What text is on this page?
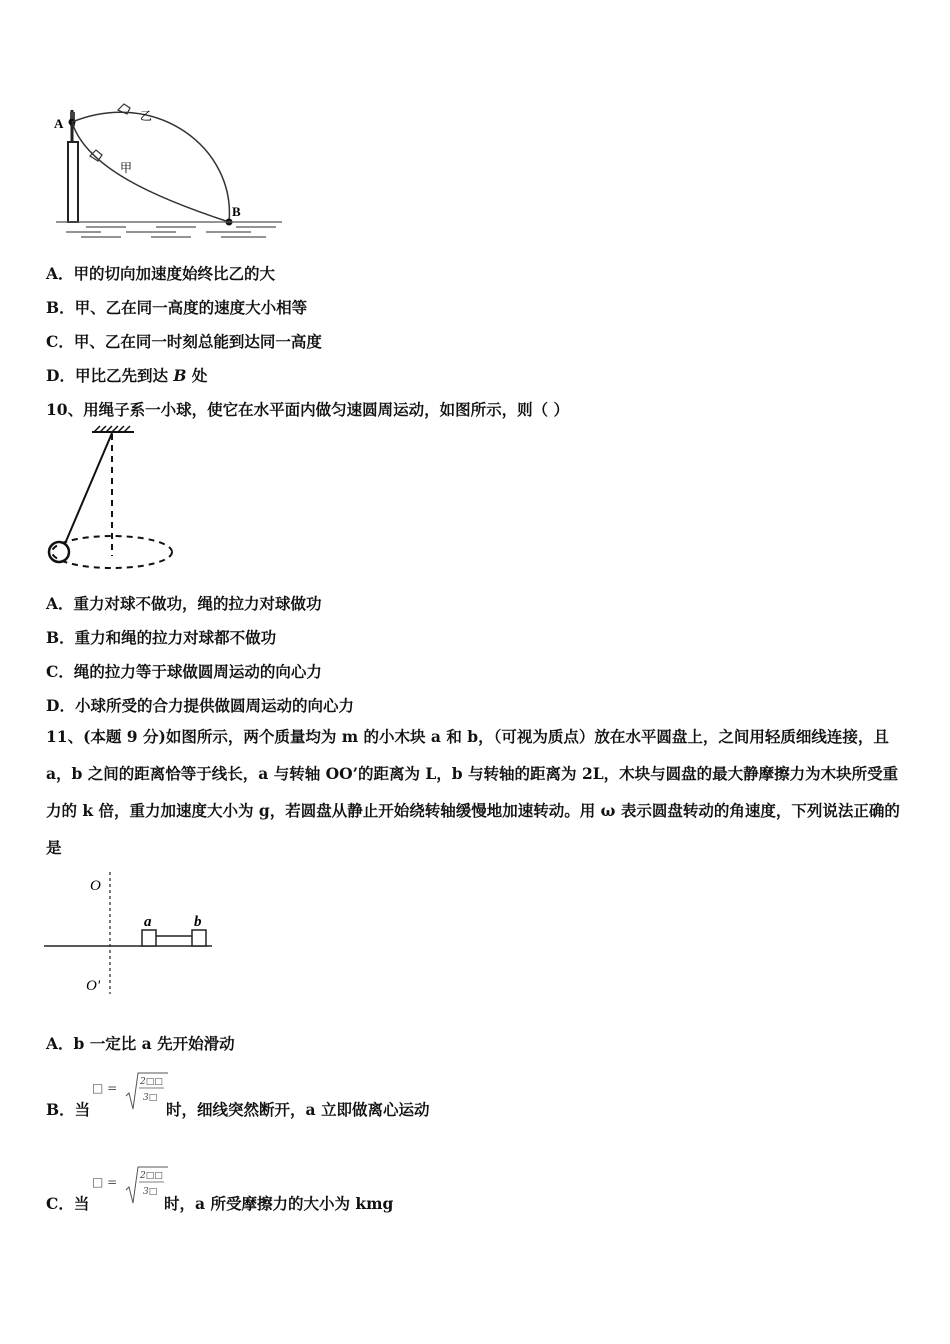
A
B
乙
甲
A．甲的切向加速度始终比乙的大
B．甲、乙在同一高度的速度大小相等
C．甲、乙在同一时刻总能到达同一高度
D．甲比乙先到达 B 处
10、用绳子系一小球，使它在水平面内做匀速圆周运动，如图所示，则（ ）
A．重力对球不做功，绳的拉力对球做功
B．重力和绳的拉力对球都不做功
C．绳的拉力等于球做圆周运动的向心力
D．小球所受的合力提供做圆周运动的向心力
11、(本题 9 分)如图所示，两个质量均为 m 的小木块 a 和 b，（可视为质点）放在水平圆盘上，之间用轻质细线连接，且 a，b 之间的距离恰等于线长，a 与转轴 OO’的距离为 L，b 与转轴的距离为 2L，木块与圆盘的最大静摩擦力为木块所受重力的 k 倍，重力加速度大小为 g，若圆盘从静止开始绕转轴缓慢地加速转动。用 ω 表示圆盘转动的角速度，下列说法正确的是
O
O'
a	b
A．b 一定比 a 先开始滑动
B．当
□ =	2□□
3□
时，细线突然断开，a 立即做离心运动
C．当
□ =	2□□
3□
时，a 所受摩擦力的大小为 kmg
